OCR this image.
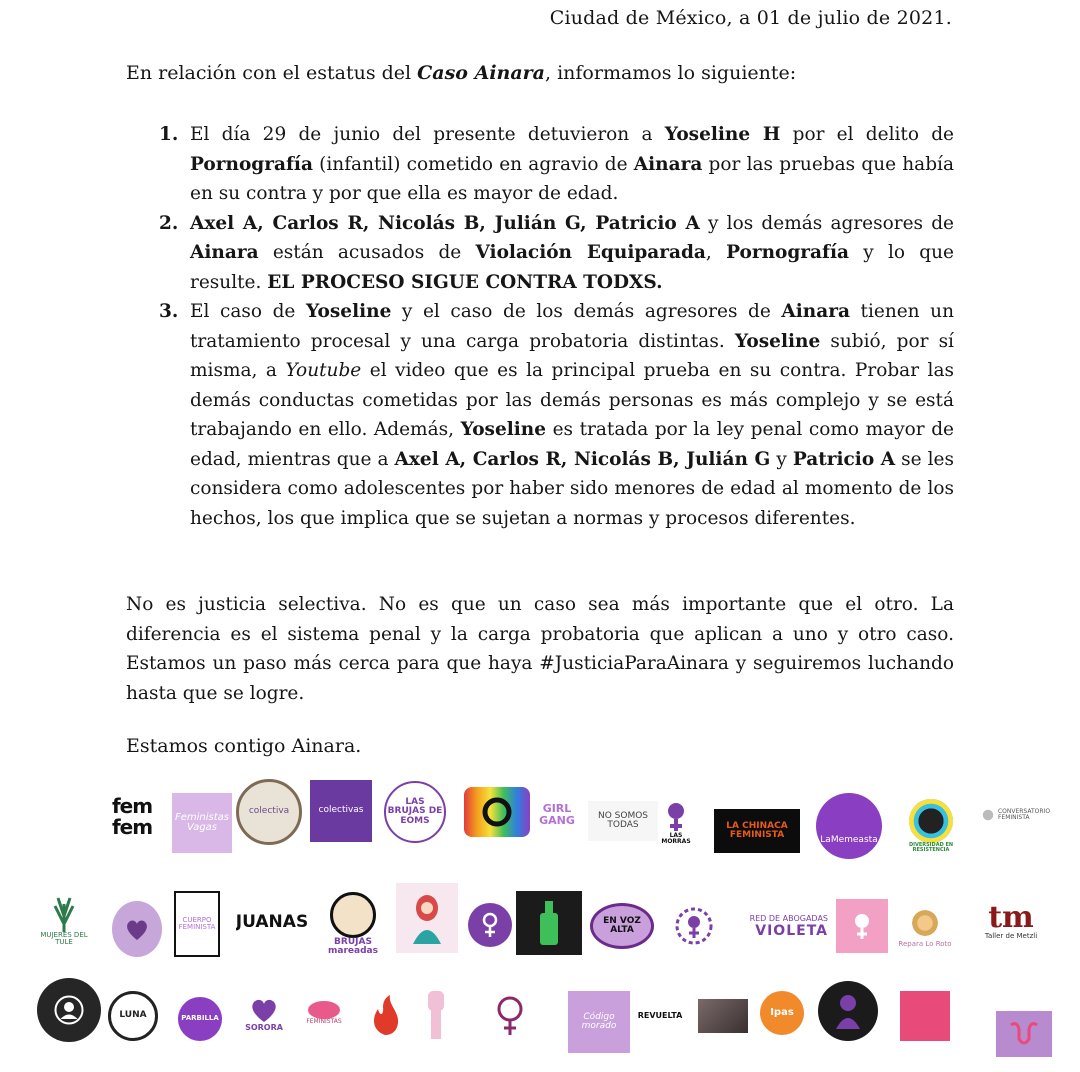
Ciudad de México, a 01 de julio de 2021.
En relación con el estatus del Caso Ainara, informamos lo siguiente:
1. El día 29 de junio del presente detuvieron a Yoseline H por el delito de Pornografía (infantil) cometido en agravio de Ainara por las pruebas que había en su contra y por que ella es mayor de edad.
2. Axel A, Carlos R, Nicolás B, Julián G, Patricio A y los demás agresores de Ainara están acusados de Violación Equiparada, Pornografía y lo que resulte. EL PROCESO SIGUE CONTRA TODXS.
3. El caso de Yoseline y el caso de los demás agresores de Ainara tienen un tratamiento procesal y una carga probatoria distintas. Yoseline subió, por sí misma, a Youtube el video que es la principal prueba en su contra. Probar las demás conductas cometidas por las demás personas es más complejo y se está trabajando en ello. Además, Yoseline es tratada por la ley penal como mayor de edad, mientras que a Axel A, Carlos R, Nicolás B, Julián G y Patricio A se les considera como adolescentes por haber sido menores de edad al momento de los hechos, los que implica que se sujetan a normas y procesos diferentes.
No es justicia selectiva. No es que un caso sea más importante que el otro. La diferencia es el sistema penal y la carga probatoria que aplican a uno y otro caso. Estamos un paso más cerca para que haya #JusticiaParaAinara y seguiremos luchando hasta que se logre.
Estamos contigo Ainara.
fem
fem Feministas Vagas
colectiva	colectivas
LAS BRUJAS DE EOMS
GIRL GANG	NO SOMOS TODAS
LAS MORRAS
LA CHINACA FEMINISTA
LaMemeasta	DIVERSIDAD EN RESISTENCIA
CONVERSATORIO FEMINISTA
MUJERES DEL TULE
CUERPO FEMINISTA JUANAS
BRUJAS mareadas
EN VOZ ALTA
RED DE ABOGADAS
VIOLETA
Repara Lo Roto
tm
Taller de Metzli
LUNA	PARBILLA
SORORA
FEMINISTAS	Código morado
REVUELTA	Ipas
